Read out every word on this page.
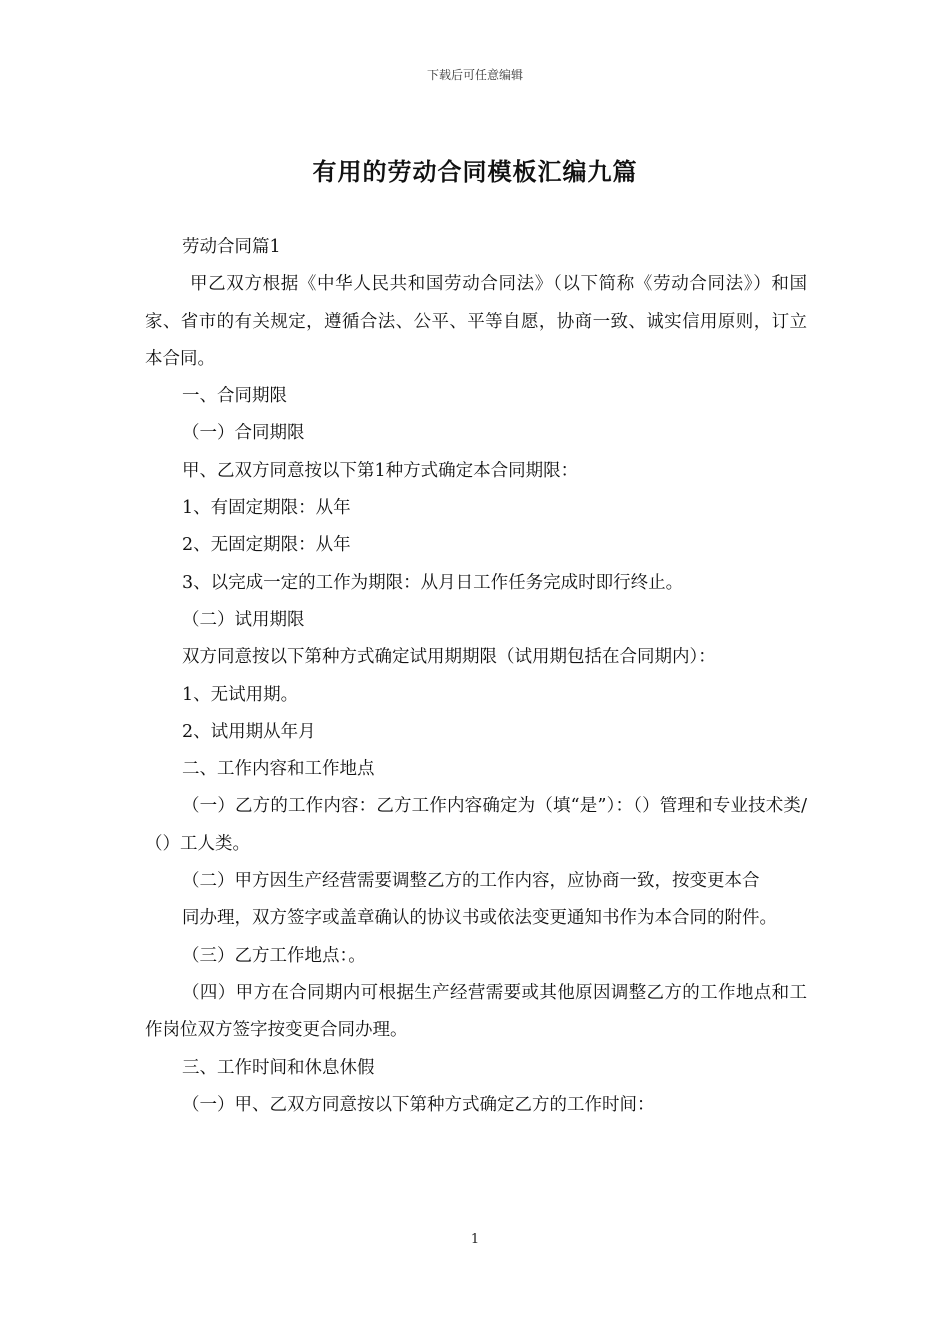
下载后可任意编辑
有用的劳动合同模板汇编九篇

劳动合同篇1

甲乙双方根据《中华人民共和国劳动合同法》（以下简称《劳动合同法》）和国家、省市的有关规定，遵循合法、公平、平等自愿，协商一致、诚实信用原则，订立本合同。

一、合同期限

（一）合同期限

甲、乙双方同意按以下第1种方式确定本合同期限：

1、有固定期限：从年

2、无固定期限：从年

3、以完成一定的工作为期限：从月日工作任务完成时即行终止。

（二）试用期限

双方同意按以下第种方式确定试用期期限（试用期包括在合同期内）：

1、无试用期。

2、试用期从年月

二、工作内容和工作地点

（一）乙方的工作内容：乙方工作内容确定为（填“是”）：（）管理和专业技术类/（）工人类。

（二）甲方因生产经营需要调整乙方的工作内容，应协商一致，按变更本合

同办理，双方签字或盖章确认的协议书或依法变更通知书作为本合同的附件。

（三）乙方工作地点：。

（四）甲方在合同期内可根据生产经营需要或其他原因调整乙方的工作地点和工作岗位双方签字按变更合同办理。

三、工作时间和休息休假

（一）甲、乙双方同意按以下第种方式确定乙方的工作时间：

1
